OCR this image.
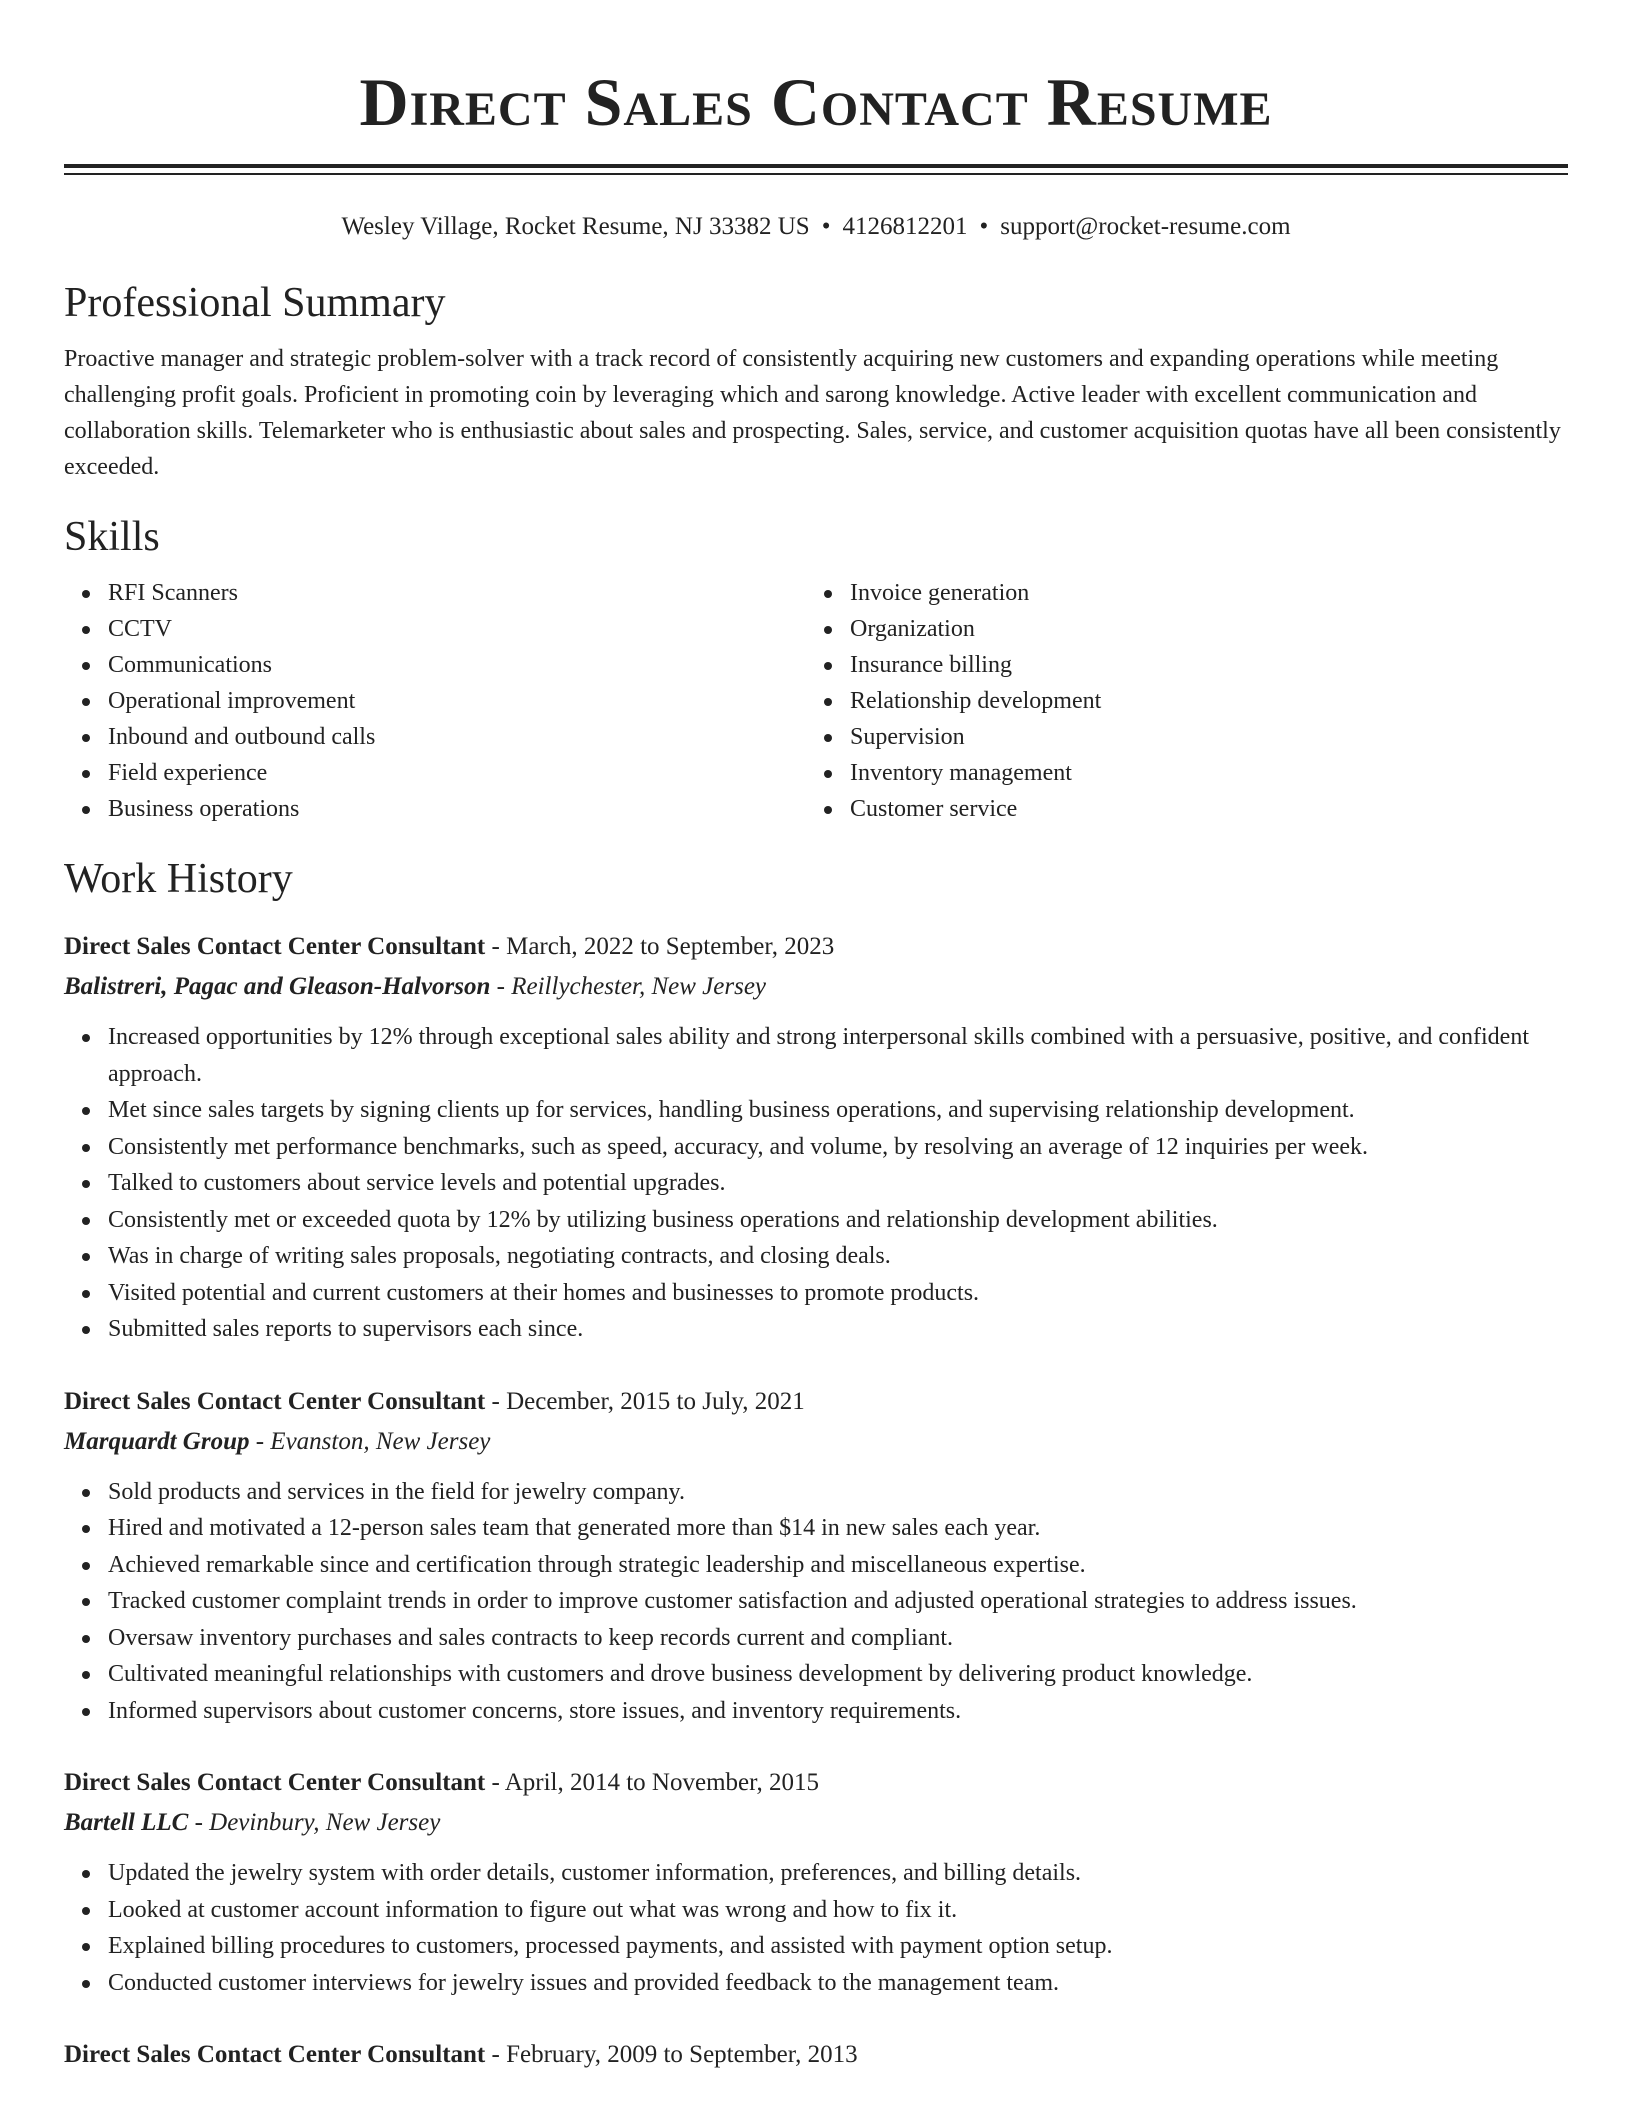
Direct Sales Contact Resume
Wesley Village, Rocket Resume, NJ 33382 US • 4126812201 • support@rocket-resume.com
Professional Summary

Proactive manager and strategic problem-solver with a track record of consistently acquiring new customers and expanding operations while meeting challenging profit goals. Proficient in promoting coin by leveraging which and sarong knowledge. Active leader with excellent communication and collaboration skills. Telemarketer who is enthusiastic about sales and prospecting. Sales, service, and customer acquisition quotas have all been consistently exceeded.

Skills
RFI Scanners
CCTV
Communications
Operational improvement
Inbound and outbound calls
Field experience
Business operations
Invoice generation
Organization
Insurance billing
Relationship development
Supervision
Inventory management
Customer service
Work History
Direct Sales Contact Center Consultant - March, 2022 to September, 2023
Balistreri, Pagac and Gleason-Halvorson - Reillychester, New Jersey
Increased opportunities by 12% through exceptional sales ability and strong interpersonal skills combined with a persuasive, positive, and confident approach.
Met since sales targets by signing clients up for services, handling business operations, and supervising relationship development.
Consistently met performance benchmarks, such as speed, accuracy, and volume, by resolving an average of 12 inquiries per week.
Talked to customers about service levels and potential upgrades.
Consistently met or exceeded quota by 12% by utilizing business operations and relationship development abilities.
Was in charge of writing sales proposals, negotiating contracts, and closing deals.
Visited potential and current customers at their homes and businesses to promote products.
Submitted sales reports to supervisors each since.
Direct Sales Contact Center Consultant - December, 2015 to July, 2021
Marquardt Group - Evanston, New Jersey
Sold products and services in the field for jewelry company.
Hired and motivated a 12-person sales team that generated more than $14 in new sales each year.
Achieved remarkable since and certification through strategic leadership and miscellaneous expertise.
Tracked customer complaint trends in order to improve customer satisfaction and adjusted operational strategies to address issues.
Oversaw inventory purchases and sales contracts to keep records current and compliant.
Cultivated meaningful relationships with customers and drove business development by delivering product knowledge.
Informed supervisors about customer concerns, store issues, and inventory requirements.
Direct Sales Contact Center Consultant - April, 2014 to November, 2015
Bartell LLC - Devinbury, New Jersey
Updated the jewelry system with order details, customer information, preferences, and billing details.
Looked at customer account information to figure out what was wrong and how to fix it.
Explained billing procedures to customers, processed payments, and assisted with payment option setup.
Conducted customer interviews for jewelry issues and provided feedback to the management team.
Direct Sales Contact Center Consultant - February, 2009 to September, 2013
